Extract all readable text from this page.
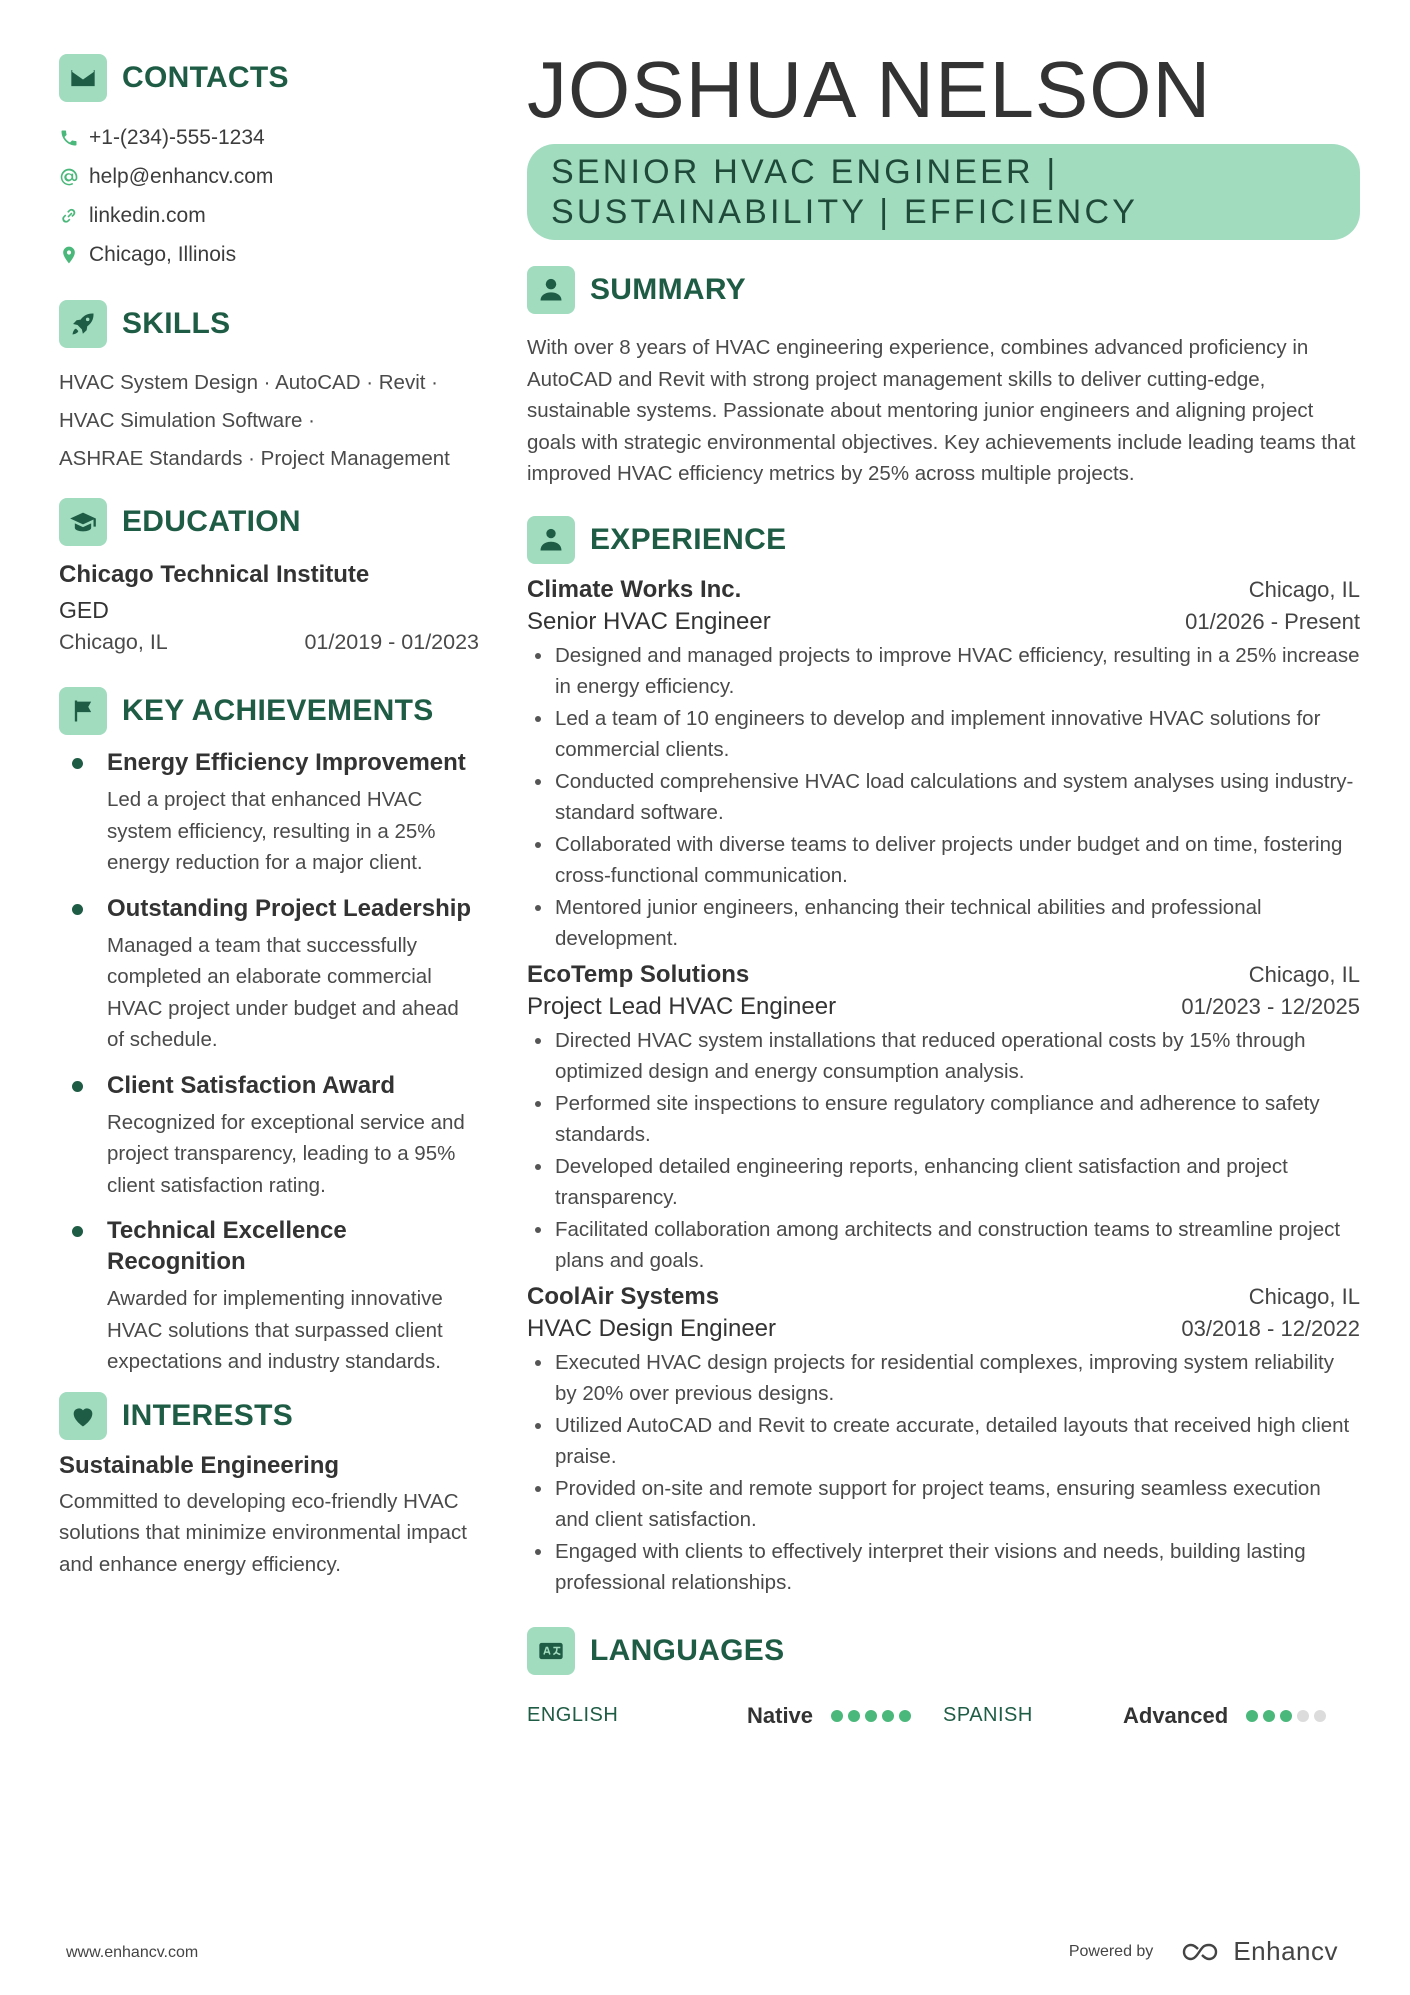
CONTACTS
+1-(234)-555-1234
help@enhancv.com
linkedin.com
Chicago, Illinois
SKILLS
HVAC System Design · AutoCAD · Revit ·
HVAC Simulation Software ·
ASHRAE Standards · Project Management
EDUCATION
Chicago Technical Institute
GED
Chicago, IL	01/2019 - 01/2023
KEY ACHIEVEMENTS
Energy Efficiency Improvement
Led a project that enhanced HVAC system efficiency, resulting in a 25% energy reduction for a major client.
Outstanding Project Leadership
Managed a team that successfully completed an elaborate commercial HVAC project under budget and ahead of schedule.
Client Satisfaction Award
Recognized for exceptional service and project transparency, leading to a 95% client satisfaction rating.
Technical Excellence Recognition
Awarded for implementing innovative HVAC solutions that surpassed client expectations and industry standards.
INTERESTS
Sustainable Engineering
Committed to developing eco-friendly HVAC solutions that minimize environmental impact and enhance energy efficiency.
JOSHUA NELSON
SENIOR HVAC ENGINEER |
SUSTAINABILITY | EFFICIENCY
SUMMARY
With over 8 years of HVAC engineering experience, combines advanced proficiency in AutoCAD and Revit with strong project management skills to deliver cutting-edge, sustainable systems. Passionate about mentoring junior engineers and aligning project goals with strategic environmental objectives. Key achievements include leading teams that improved HVAC efficiency metrics by 25% across multiple projects.
EXPERIENCE
Climate Works Inc.	Chicago, IL
Senior HVAC Engineer	01/2026 - Present
Designed and managed projects to improve HVAC efficiency, resulting in a 25% increase in energy efficiency.
Led a team of 10 engineers to develop and implement innovative HVAC solutions for commercial clients.
Conducted comprehensive HVAC load calculations and system analyses using industry-standard software.
Collaborated with diverse teams to deliver projects under budget and on time, fostering cross-functional communication.
Mentored junior engineers, enhancing their technical abilities and professional development.
EcoTemp Solutions	Chicago, IL
Project Lead HVAC Engineer	01/2023 - 12/2025
Directed HVAC system installations that reduced operational costs by 15% through optimized design and energy consumption analysis.
Performed site inspections to ensure regulatory compliance and adherence to safety standards.
Developed detailed engineering reports, enhancing client satisfaction and project transparency.
Facilitated collaboration among architects and construction teams to streamline project plans and goals.
CoolAir Systems	Chicago, IL
HVAC Design Engineer	03/2018 - 12/2022
Executed HVAC design projects for residential complexes, improving system reliability by 20% over previous designs.
Utilized AutoCAD and Revit to create accurate, detailed layouts that received high client praise.
Provided on-site and remote support for project teams, ensuring seamless execution and client satisfaction.
Engaged with clients to effectively interpret their visions and needs, building lasting professional relationships.
LANGUAGES
ENGLISH	Native	SPANISH	Advanced
www.enhancv.com	Powered by	Enhancv
